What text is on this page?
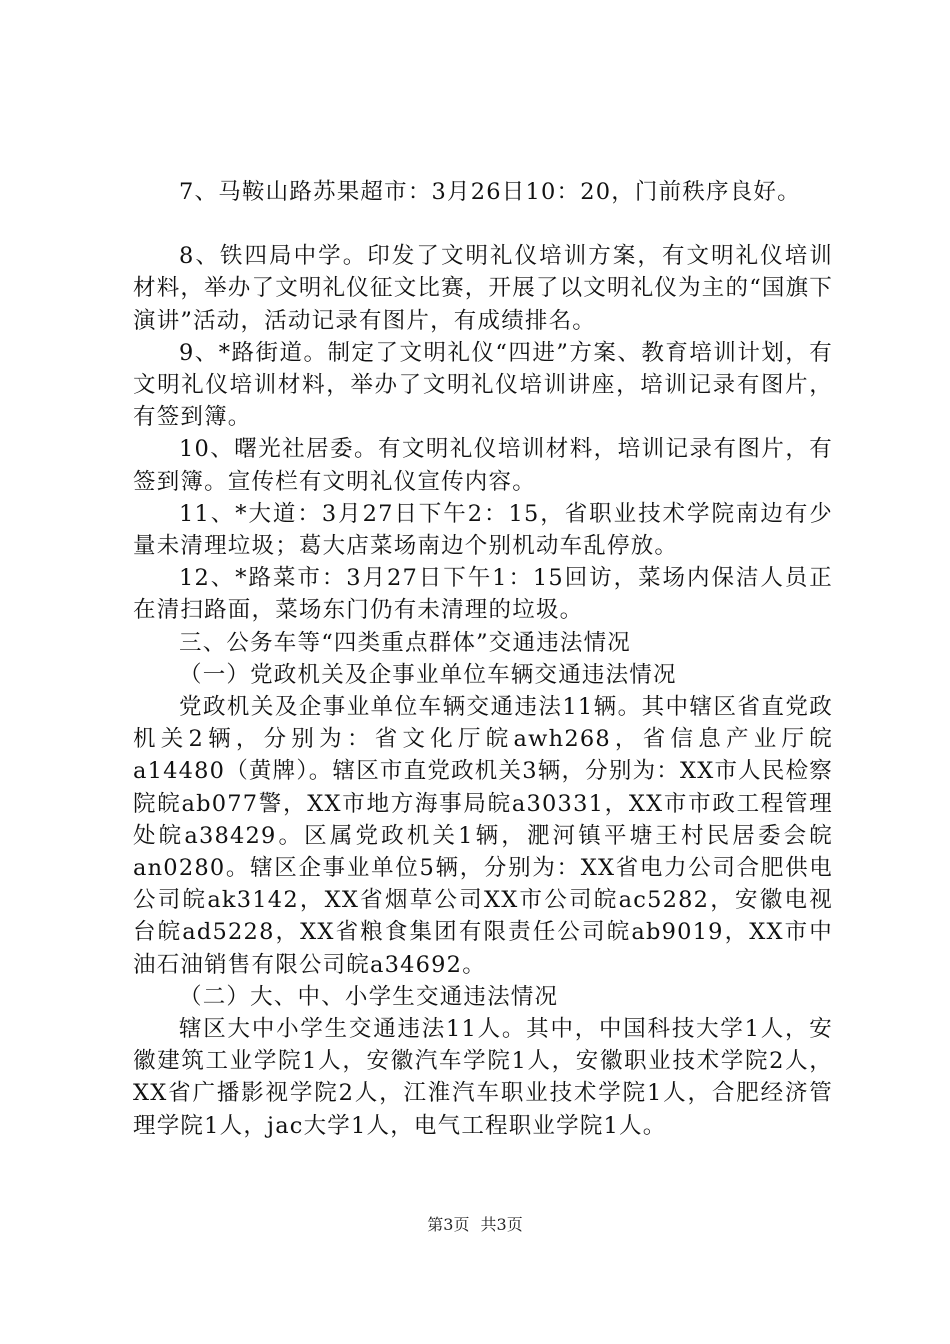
7、马鞍山路苏果超市：3月26日10：20，门前秩序良好。

8、铁四局中学。印发了文明礼仪培训方案，有文明礼仪培训材料，举办了文明礼仪征文比赛，开展了以文明礼仪为主的“国旗下演讲”活动，活动记录有图片，有成绩排名。

9、*路街道。制定了文明礼仪“四进”方案、教育培训计划，有文明礼仪培训材料，举办了文明礼仪培训讲座，培训记录有图片，有签到簿。

10、曙光社居委。有文明礼仪培训材料，培训记录有图片，有签到簿。宣传栏有文明礼仪宣传内容。

11、*大道：3月27日下午2：15，省职业技术学院南边有少量未清理垃圾；葛大店菜场南边个别机动车乱停放。

12、*路菜市：3月27日下午1：15回访，菜场内保洁人员正在清扫路面，菜场东门仍有未清理的垃圾。

三、公务车等“四类重点群体”交通违法情况

（一）党政机关及企事业单位车辆交通违法情况

党政机关及企事业单位车辆交通违法11辆。其中辖区省直党政机关2辆，分别为：省文化厅皖awh268，省信息产业厅皖a14480（黄牌）。辖区市直党政机关3辆，分别为：XX市人民检察院皖ab077警，XX市地方海事局皖a30331，XX市市政工程管理处皖a38429。区属党政机关1辆，淝河镇平塘王村民居委会皖an0280。辖区企事业单位5辆，分别为：XX省电力公司合肥供电公司皖ak3142，XX省烟草公司XX市公司皖ac5282，安徽电视台皖ad5228，XX省粮食集团有限责任公司皖ab9019，XX市中油石油销售有限公司皖a34692。

（二）大、中、小学生交通违法情况

辖区大中小学生交通违法11人。其中，中国科技大学1人，安徽建筑工业学院1人，安徽汽车学院1人，安徽职业技术学院2人，XX省广播影视学院2人，江淮汽车职业技术学院1人，合肥经济管理学院1人，jac大学1人，电气工程职业学院1人。

第3页 共3页
